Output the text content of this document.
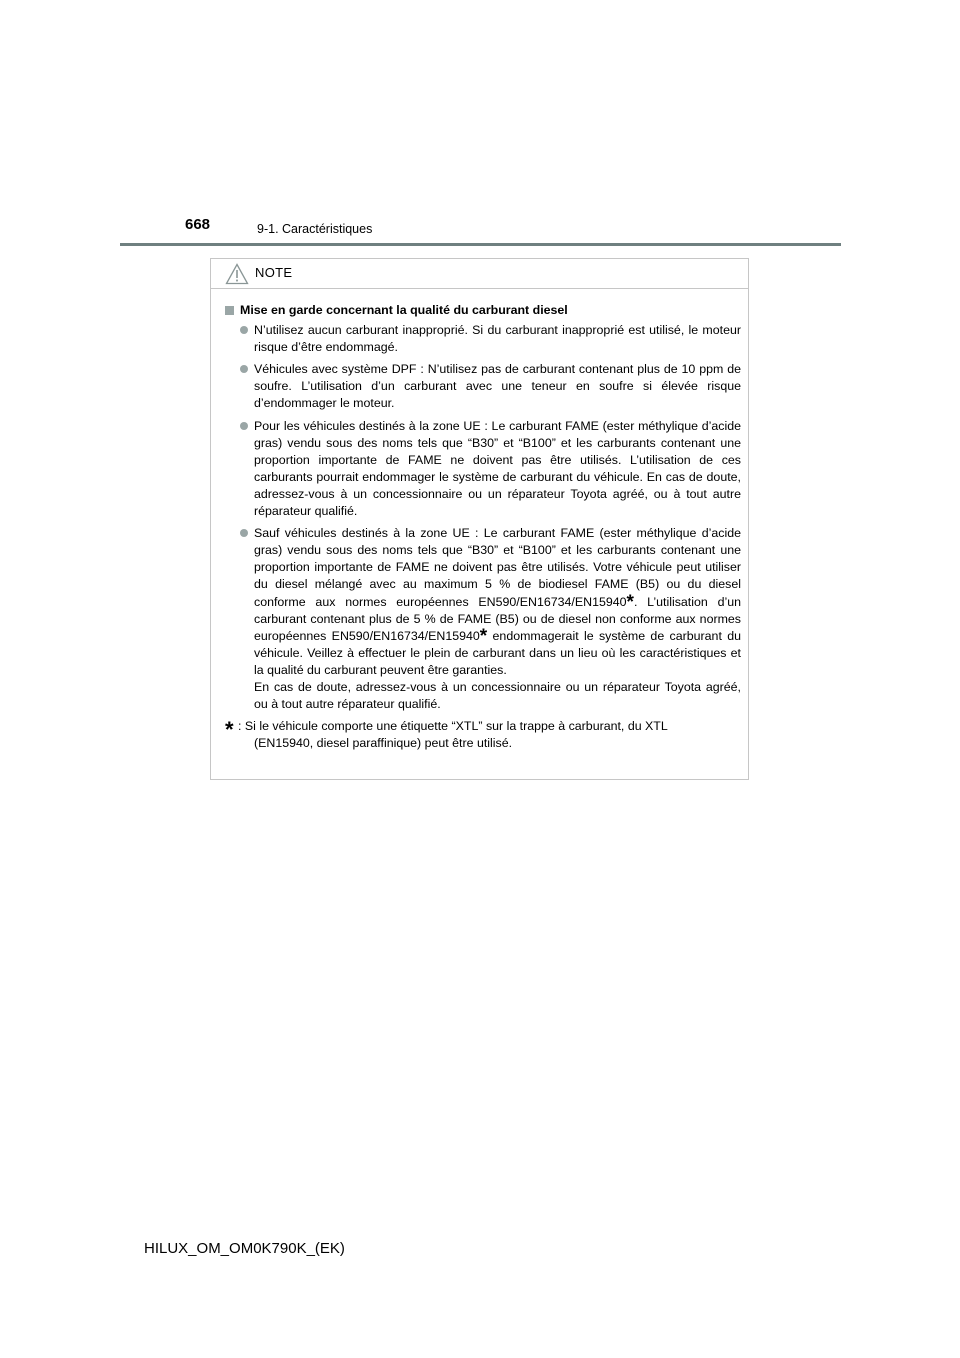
668	9-1. Caractéristiques
NOTE
Mise en garde concernant la qualité du carburant diesel
N’utilisez aucun carburant inapproprié. Si du carburant inapproprié est utilisé, le moteur risque d’être endommagé.
Véhicules avec système DPF : N’utilisez pas de carburant contenant plus de 10 ppm de soufre. L’utilisation d’un carburant avec une teneur en soufre si élevée risque d’endommager le moteur.
Pour les véhicules destinés à la zone UE : Le carburant FAME (ester méthylique d’acide gras) vendu sous des noms tels que “B30” et “B100” et les carburants contenant une proportion importante de FAME ne doivent pas être utilisés. L’utilisation de ces carburants pourrait endommager le système de carburant du véhicule. En cas de doute, adressez-vous à un concessionnaire ou un réparateur Toyota agréé, ou à tout autre réparateur qualifié.

Sauf véhicules destinés à la zone UE : Le carburant FAME (ester méthylique d’acide gras) vendu sous des noms tels que “B30” et “B100” et les carburants contenant une proportion importante de FAME ne doivent pas être utilisés. Votre véhicule peut utiliser du diesel mélangé avec au maximum 5 % de biodiesel FAME (B5) ou du diesel conforme aux normes européennes EN590/EN16734/EN15940*. L’utilisation d’un carburant contenant plus de 5 % de FAME (B5) ou de diesel non conforme aux normes européennes EN590/EN16734/EN15940* endommagerait le système de carburant du véhicule. Veillez à effectuer le plein de carburant dans un lieu où les caractéristiques et la qualité du carburant peuvent être garanties.

En cas de doute, adressez-vous à un concessionnaire ou un réparateur Toyota agréé, ou à tout autre réparateur qualifié.

* : Si le véhicule comporte une étiquette “XTL” sur la trappe à carburant, du XTL
(EN15940, diesel paraffinique) peut être utilisé.
HILUX_OM_OM0K790K_(EK)
